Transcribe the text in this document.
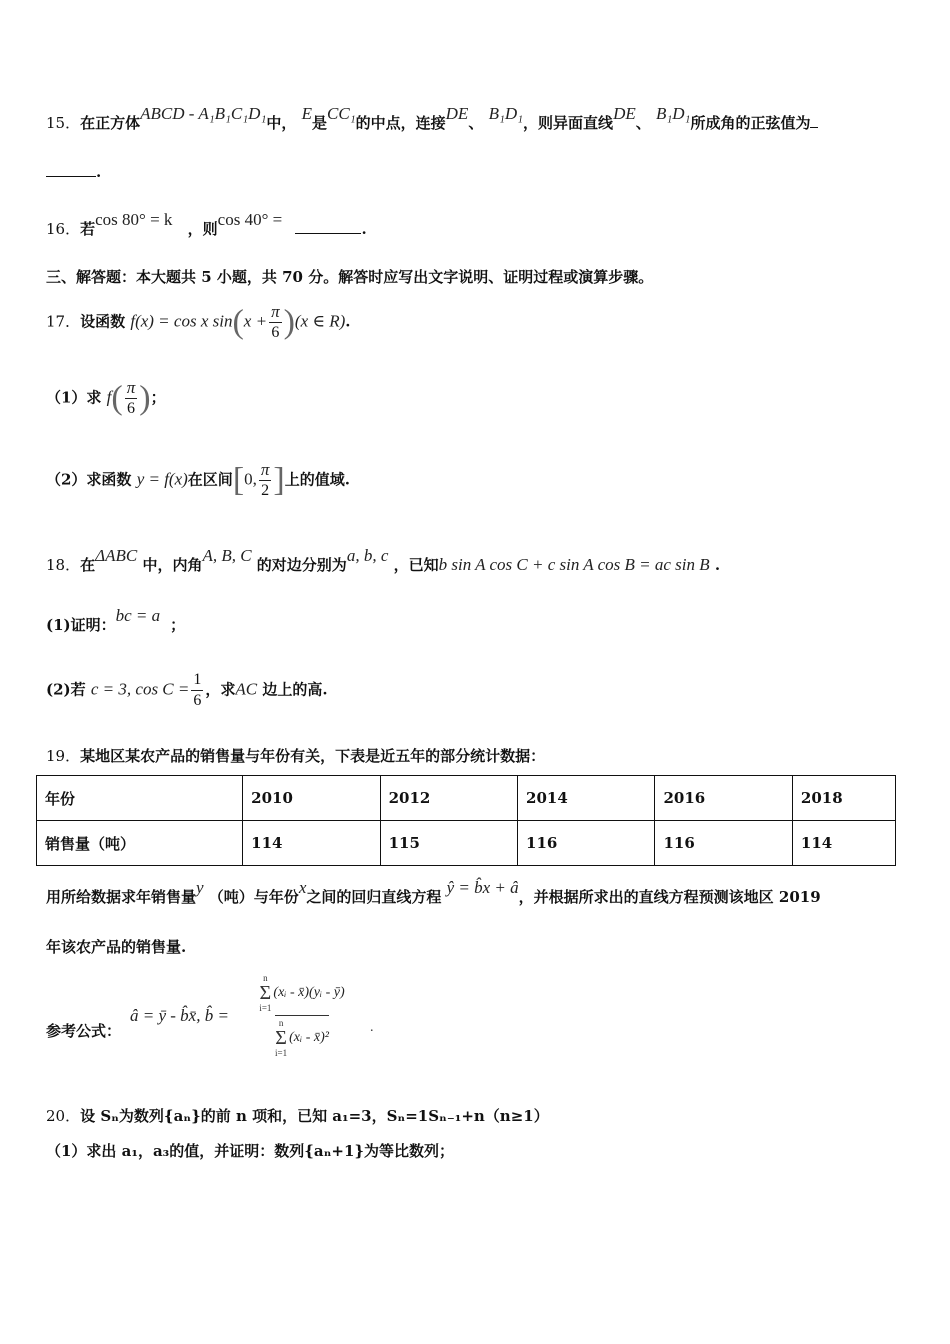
15．在正方体ABCD - A₁B₁C₁D₁中， E是CC₁的中点，连接DE、 B₁D₁，则异面直线DE、 B₁D₁所成角的正弦值为
.
16．若cos 80° = k ，则cos 40° =	.
三、解答题：本大题共 5 小题，共 70 分。解答时应写出文字说明、证明过程或演算步骤。
17．设函数 f(x) = cos x $\sin(x + \frac{\pi}{6} )(x$ ∈ R).
（1）求 $f( \frac{\pi}{6}$ )；
（2）求函数 y = f(x)在区间[0, $\frac{\pi}{2}$ ]上的值域.
18．在ΔABC 中，内角A, B, C 的对边分别为a, b, c ，已知b sin A cos C + c sin A cos B = ac sin B .
(1)证明：bc = a ；
(2)若 c = 3, $\cos C = \frac{1}{6}$ ，求AC 边上的高.
19．某地区某农产品的销售量与年份有关，下表是近五年的部分统计数据：
年份	2010	2012	2014	2016	2018
销售量（吨）	114	115	116	116	114
用所给数据求年销售量y （吨）与年份x之间的回归直线方程 ŷ = b̂x + â，并根据所求出的直线方程预测该地区 2019
年该农产品的销售量.
参考公式：
â = ȳ - b̂x̄, b̂ =
n
Σ
i=1
(xᵢ - x̄)(yᵢ - ȳ)

n
Σ
i=1
(xᵢ - x̄)²
.
20．设 Sₙ为数列{aₙ}的前 n 项和，已知 a₁=3，Sₙ=1Sₙ₋₁+n（n≥1）
（1）求出 a₁，a₃的值，并证明：数列{aₙ+1}为等比数列；
